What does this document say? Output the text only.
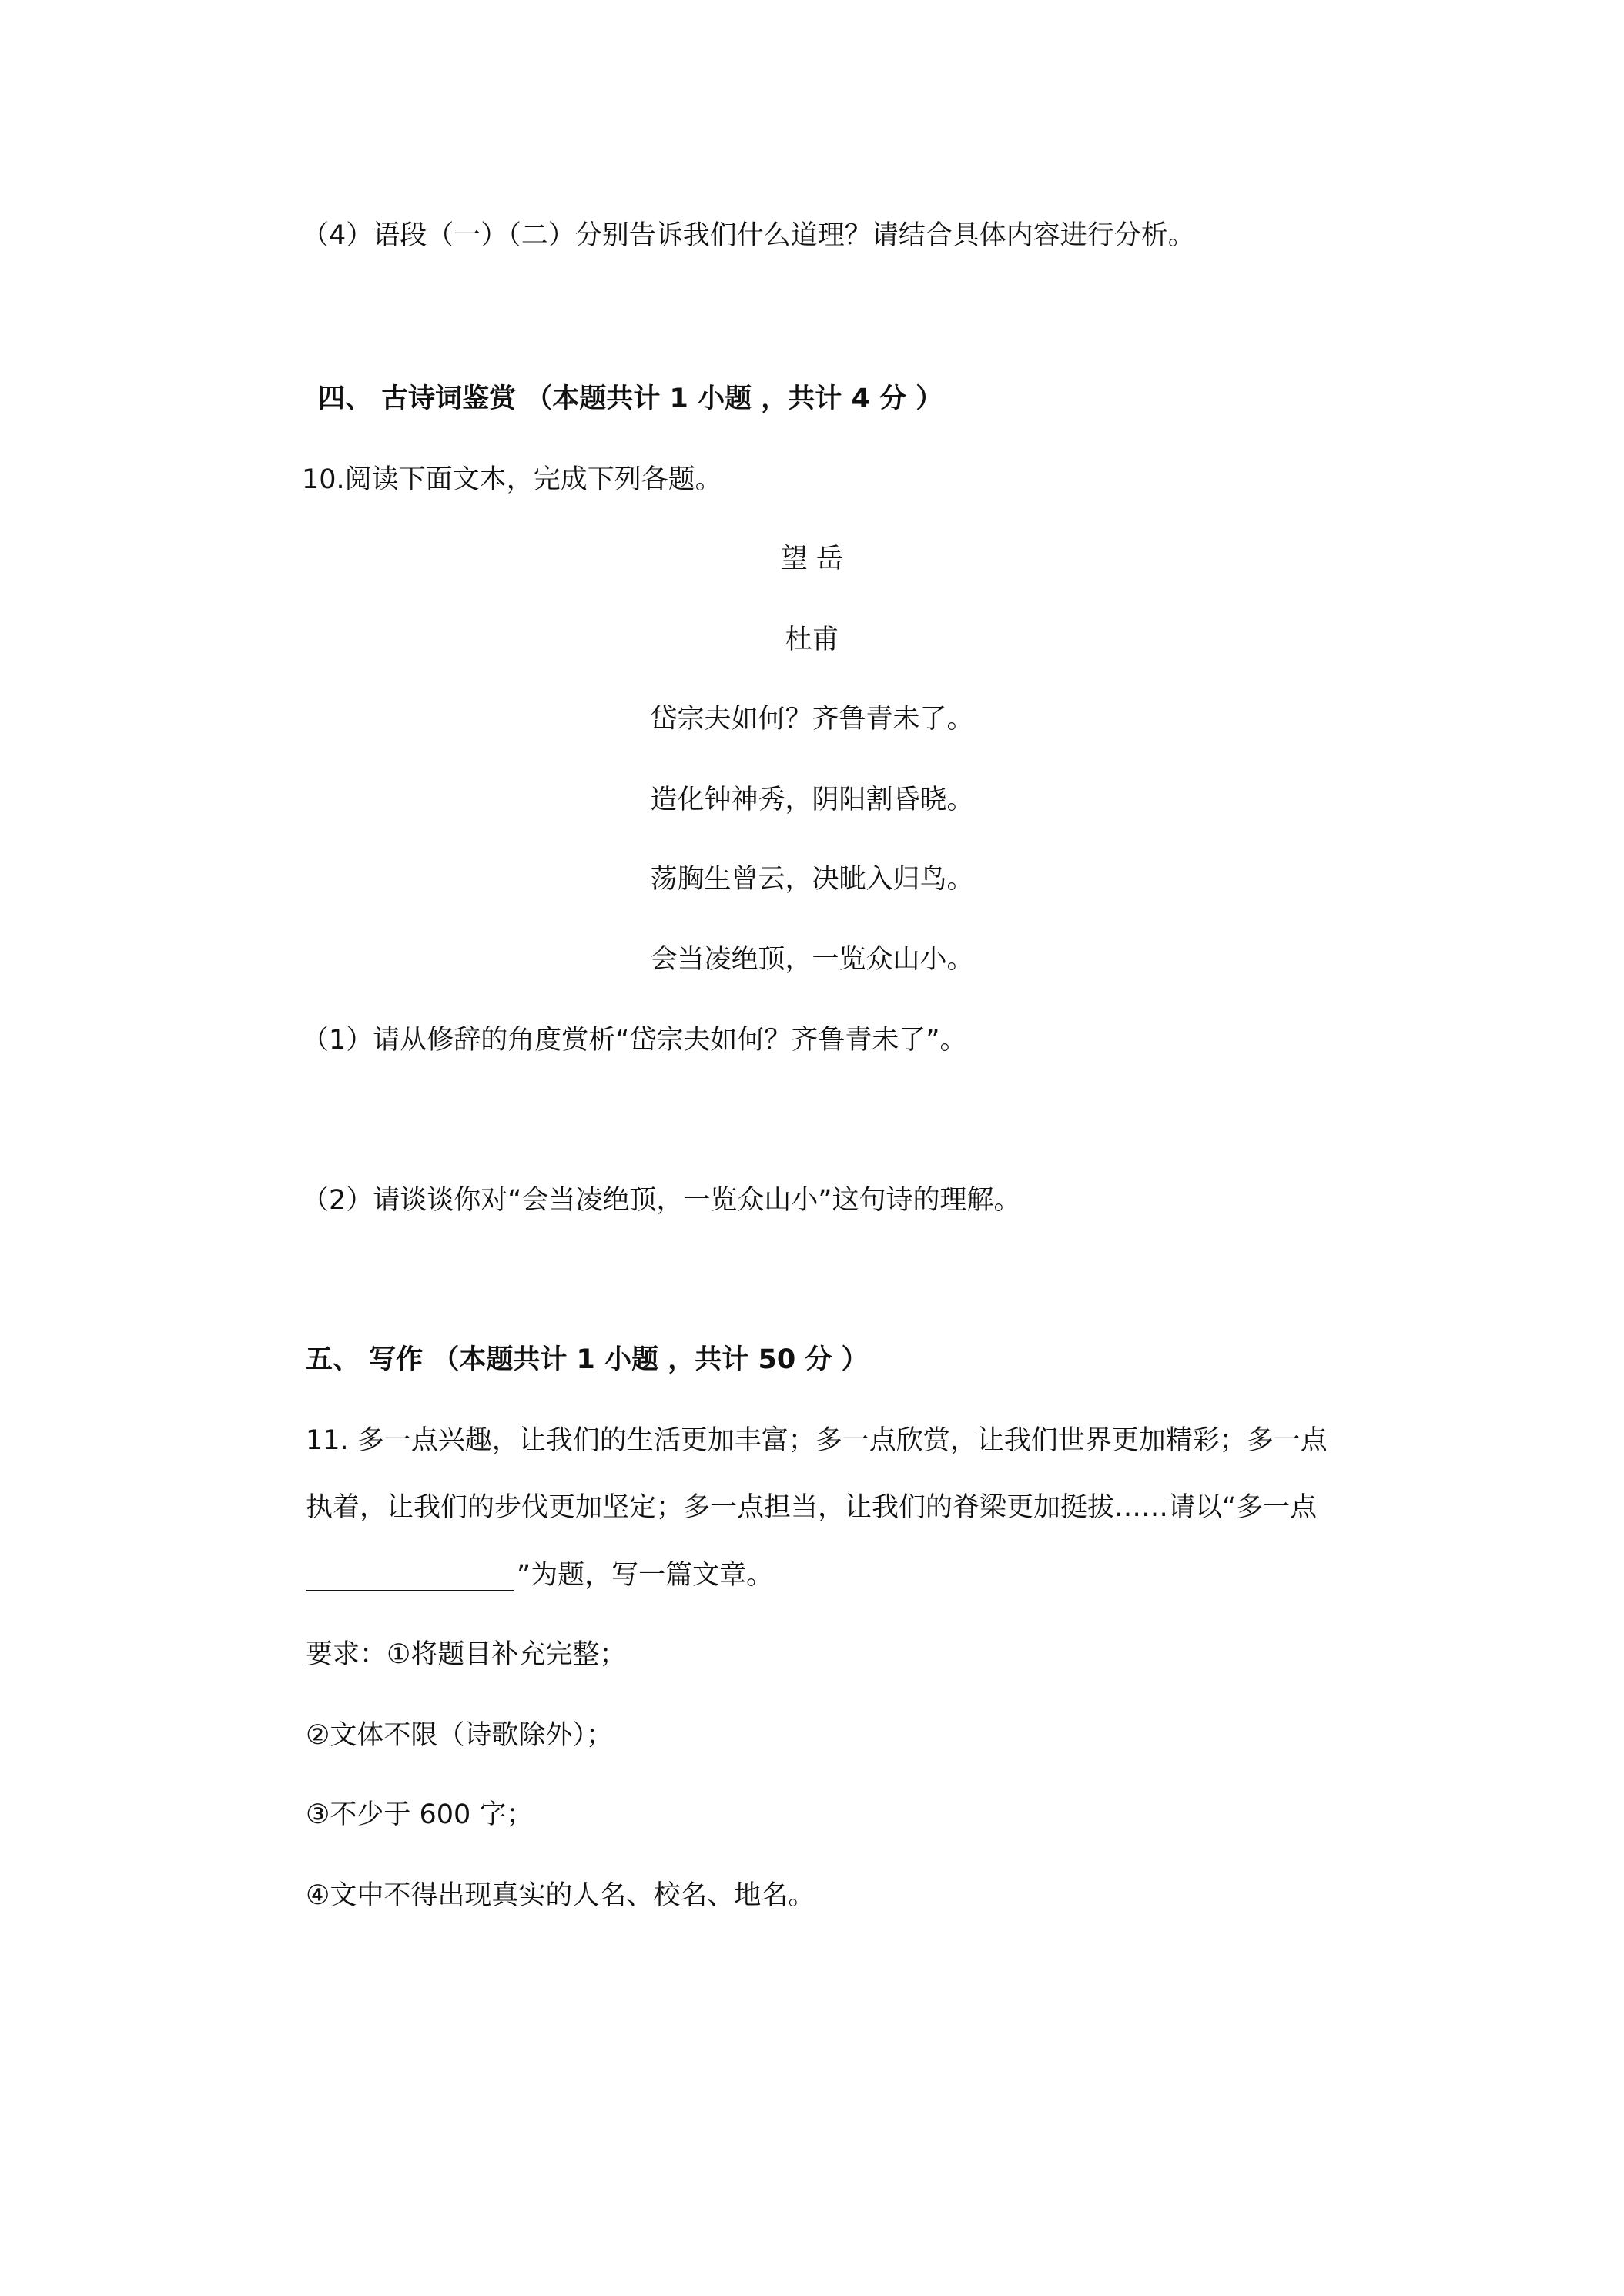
（4）语段（一）（二）分别告诉我们什么道理？请结合具体内容进行分析。
四、 古诗词鉴赏 （本题共计 1 小题 ，共计 4 分 ）
10.阅读下面文本，完成下列各题。
望 岳
杜甫
岱宗夫如何？齐鲁青未了。
造化钟神秀，阴阳割昏晓。
荡胸生曾云，决眦入归鸟。
会当凌绝顶，一览众山小。
（1）请从修辞的角度赏析“岱宗夫如何？齐鲁青未了”。
（2）请谈谈你对“会当凌绝顶，一览众山小”这句诗的理解。
五、 写作 （本题共计 1 小题 ，共计 50 分 ）
11. 多一点兴趣，让我们的生活更加丰富；多一点欣赏，让我们世界更加精彩；多一点
执着，让我们的步伐更加坚定；多一点担当，让我们的脊梁更加挺拔……请以“多一点
”为题，写一篇文章。
要求：①将题目补充完整；
②文体不限（诗歌除外）；
③不少于 600 字；
④文中不得出现真实的人名、校名、地名。
